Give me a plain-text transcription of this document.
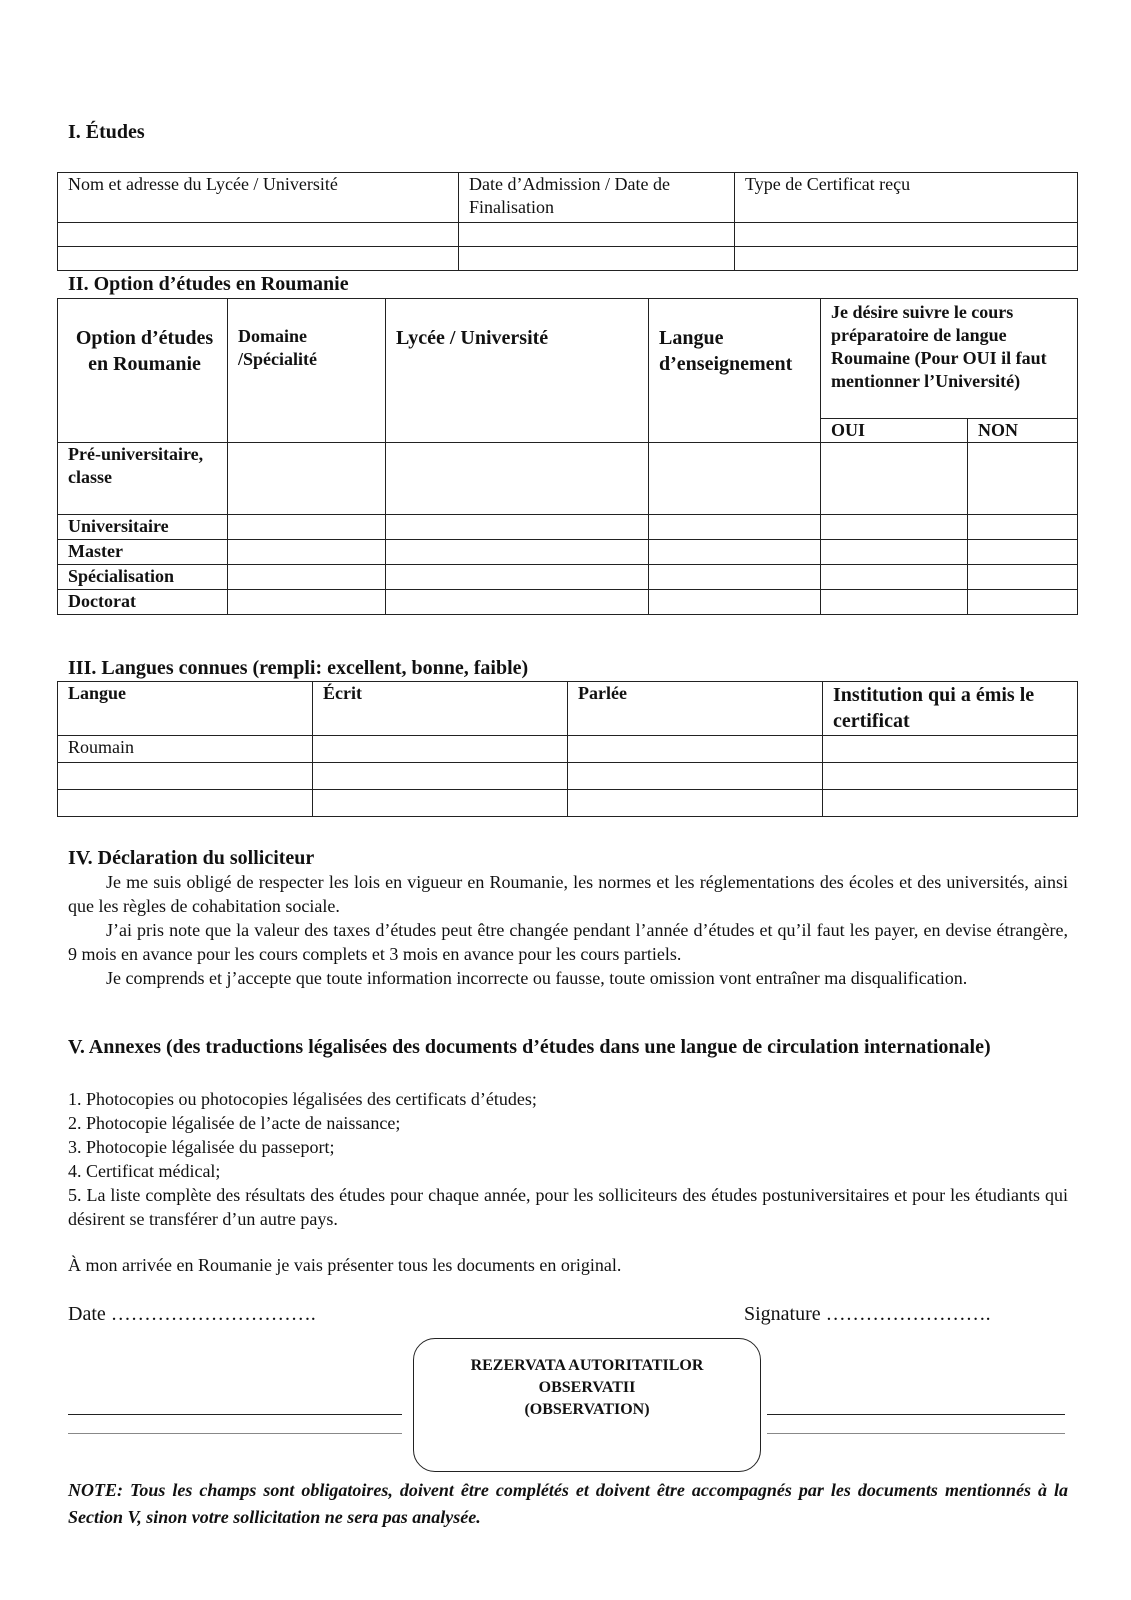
I. Études
Nom et adresse du Lycée / Université	Date d’Admission / Date de Finalisation	Type de Certificat reçu

II. Option d’études en Roumanie
Option d’études en Roumanie	Domaine /Spécialité	Lycée / Université	Langue d’enseignement	Je désire suivre le cours préparatoire de langue Roumaine (Pour OUI il faut mentionner l’Université)	
				OUI	NON
Pré-universitaire, classe					
Universitaire					
Master					
Spécialisation					
Doctorat					
III. Langues connues (rempli: excellent, bonne, faible)
Langue	Écrit	Parlée	Institution qui a émis le certificat
Roumain			

IV. Déclaration du solliciteur

Je me suis obligé de respecter les lois en vigueur en Roumanie, les normes et les réglementations des écoles et des universités, ainsi que les règles de cohabitation sociale.

J’ai pris note que la valeur des taxes d’études peut être changée pendant l’année d’études et qu’il faut les payer, en devise étrangère, 9 mois en avance pour les cours complets et 3 mois en avance pour les cours partiels.

Je comprends et j’accepte que toute information incorrecte ou fausse, toute omission vont entraîner ma disqualification.

V. Annexes (des traductions légalisées des documents d’études dans une langue de circulation internationale)

1. Photocopies ou photocopies légalisées des certificats d’études;

2. Photocopie légalisée de l’acte de naissance;

3. Photocopie légalisée du passeport;

4. Certificat médical;

5. La liste complète des résultats des études pour chaque année, pour les solliciteurs des études postuniversitaires et pour les étudiants qui désirent se transférer d’un autre pays.

À mon arrivée en Roumanie je vais présenter tous les documents en original.

Date ………………………….	Signature …………………….
REZERVATA AUTORITATILOR
OBSERVATII
(OBSERVATION)

NOTE: Tous les champs sont obligatoires, doivent être complétés et doivent être accompagnés par les documents mentionnés à la Section V, sinon votre sollicitation ne sera pas analysée.
